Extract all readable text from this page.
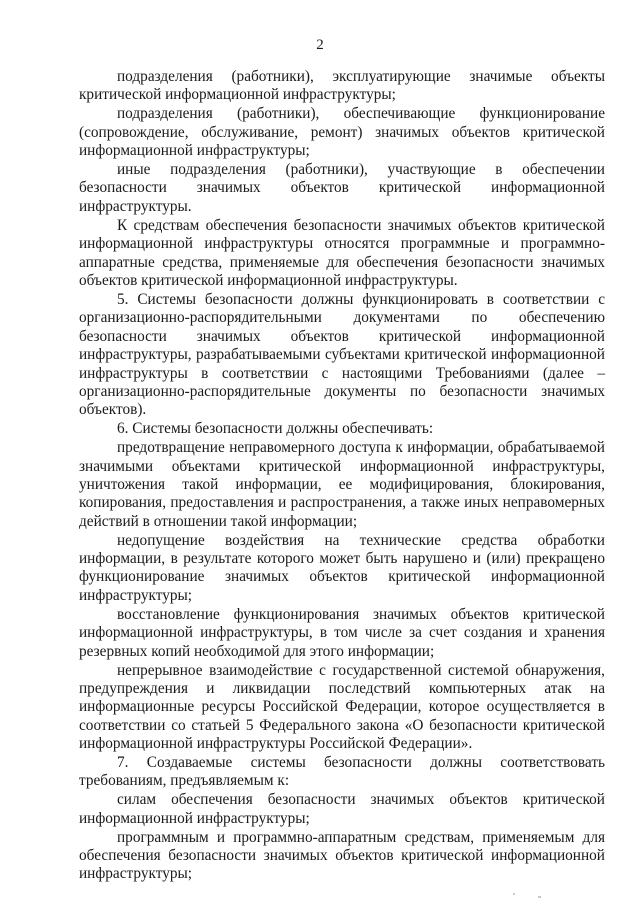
2

подразделения (работники), эксплуатирующие значимые объекты критической информационной инфраструктуры;

подразделения (работники), обеспечивающие функционирование (сопровождение, обслуживание, ремонт) значимых объектов критической информационной инфраструктуры;

иные подразделения (работники), участвующие в обеспечении безопасности значимых объектов критической информационной инфраструктуры.

К средствам обеспечения безопасности значимых объектов критической информационной инфраструктуры относятся программные и программно-аппаратные средства, применяемые для обеспечения безопасности значимых объектов критической информационной инфраструктуры.

5. Системы безопасности должны функционировать в соответствии с организационно-распорядительными документами по обеспечению безопасности значимых объектов критической информационной инфраструктуры, разрабатываемыми субъектами критической информационной инфраструктуры в соответствии с настоящими Требованиями (далее – организационно-распорядительные документы по безопасности значимых объектов).

6. Системы безопасности должны обеспечивать:

предотвращение неправомерного доступа к информации, обрабатываемой значимыми объектами критической информационной инфраструктуры, уничтожения такой информации, ее модифицирования, блокирования, копирования, предоставления и распространения, а также иных неправомерных действий в отношении такой информации;

недопущение воздействия на технические средства обработки информации, в результате которого может быть нарушено и (или) прекращено функционирование значимых объектов критической информационной инфраструктуры;

восстановление функционирования значимых объектов критической информационной инфраструктуры, в том числе за счет создания и хранения резервных копий необходимой для этого информации;

непрерывное взаимодействие с государственной системой обнаружения, предупреждения и ликвидации последствий компьютерных атак на информационные ресурсы Российской Федерации, которое осуществляется в соответствии со статьей 5 Федерального закона «О безопасности критической информационной инфраструктуры Российской Федерации».

7. Создаваемые системы безопасности должны соответствовать требованиям, предъявляемым к:

силам обеспечения безопасности значимых объектов критической информационной инфраструктуры;

программным и программно-аппаратным средствам, применяемым для обеспечения безопасности значимых объектов критической информационной инфраструктуры;
